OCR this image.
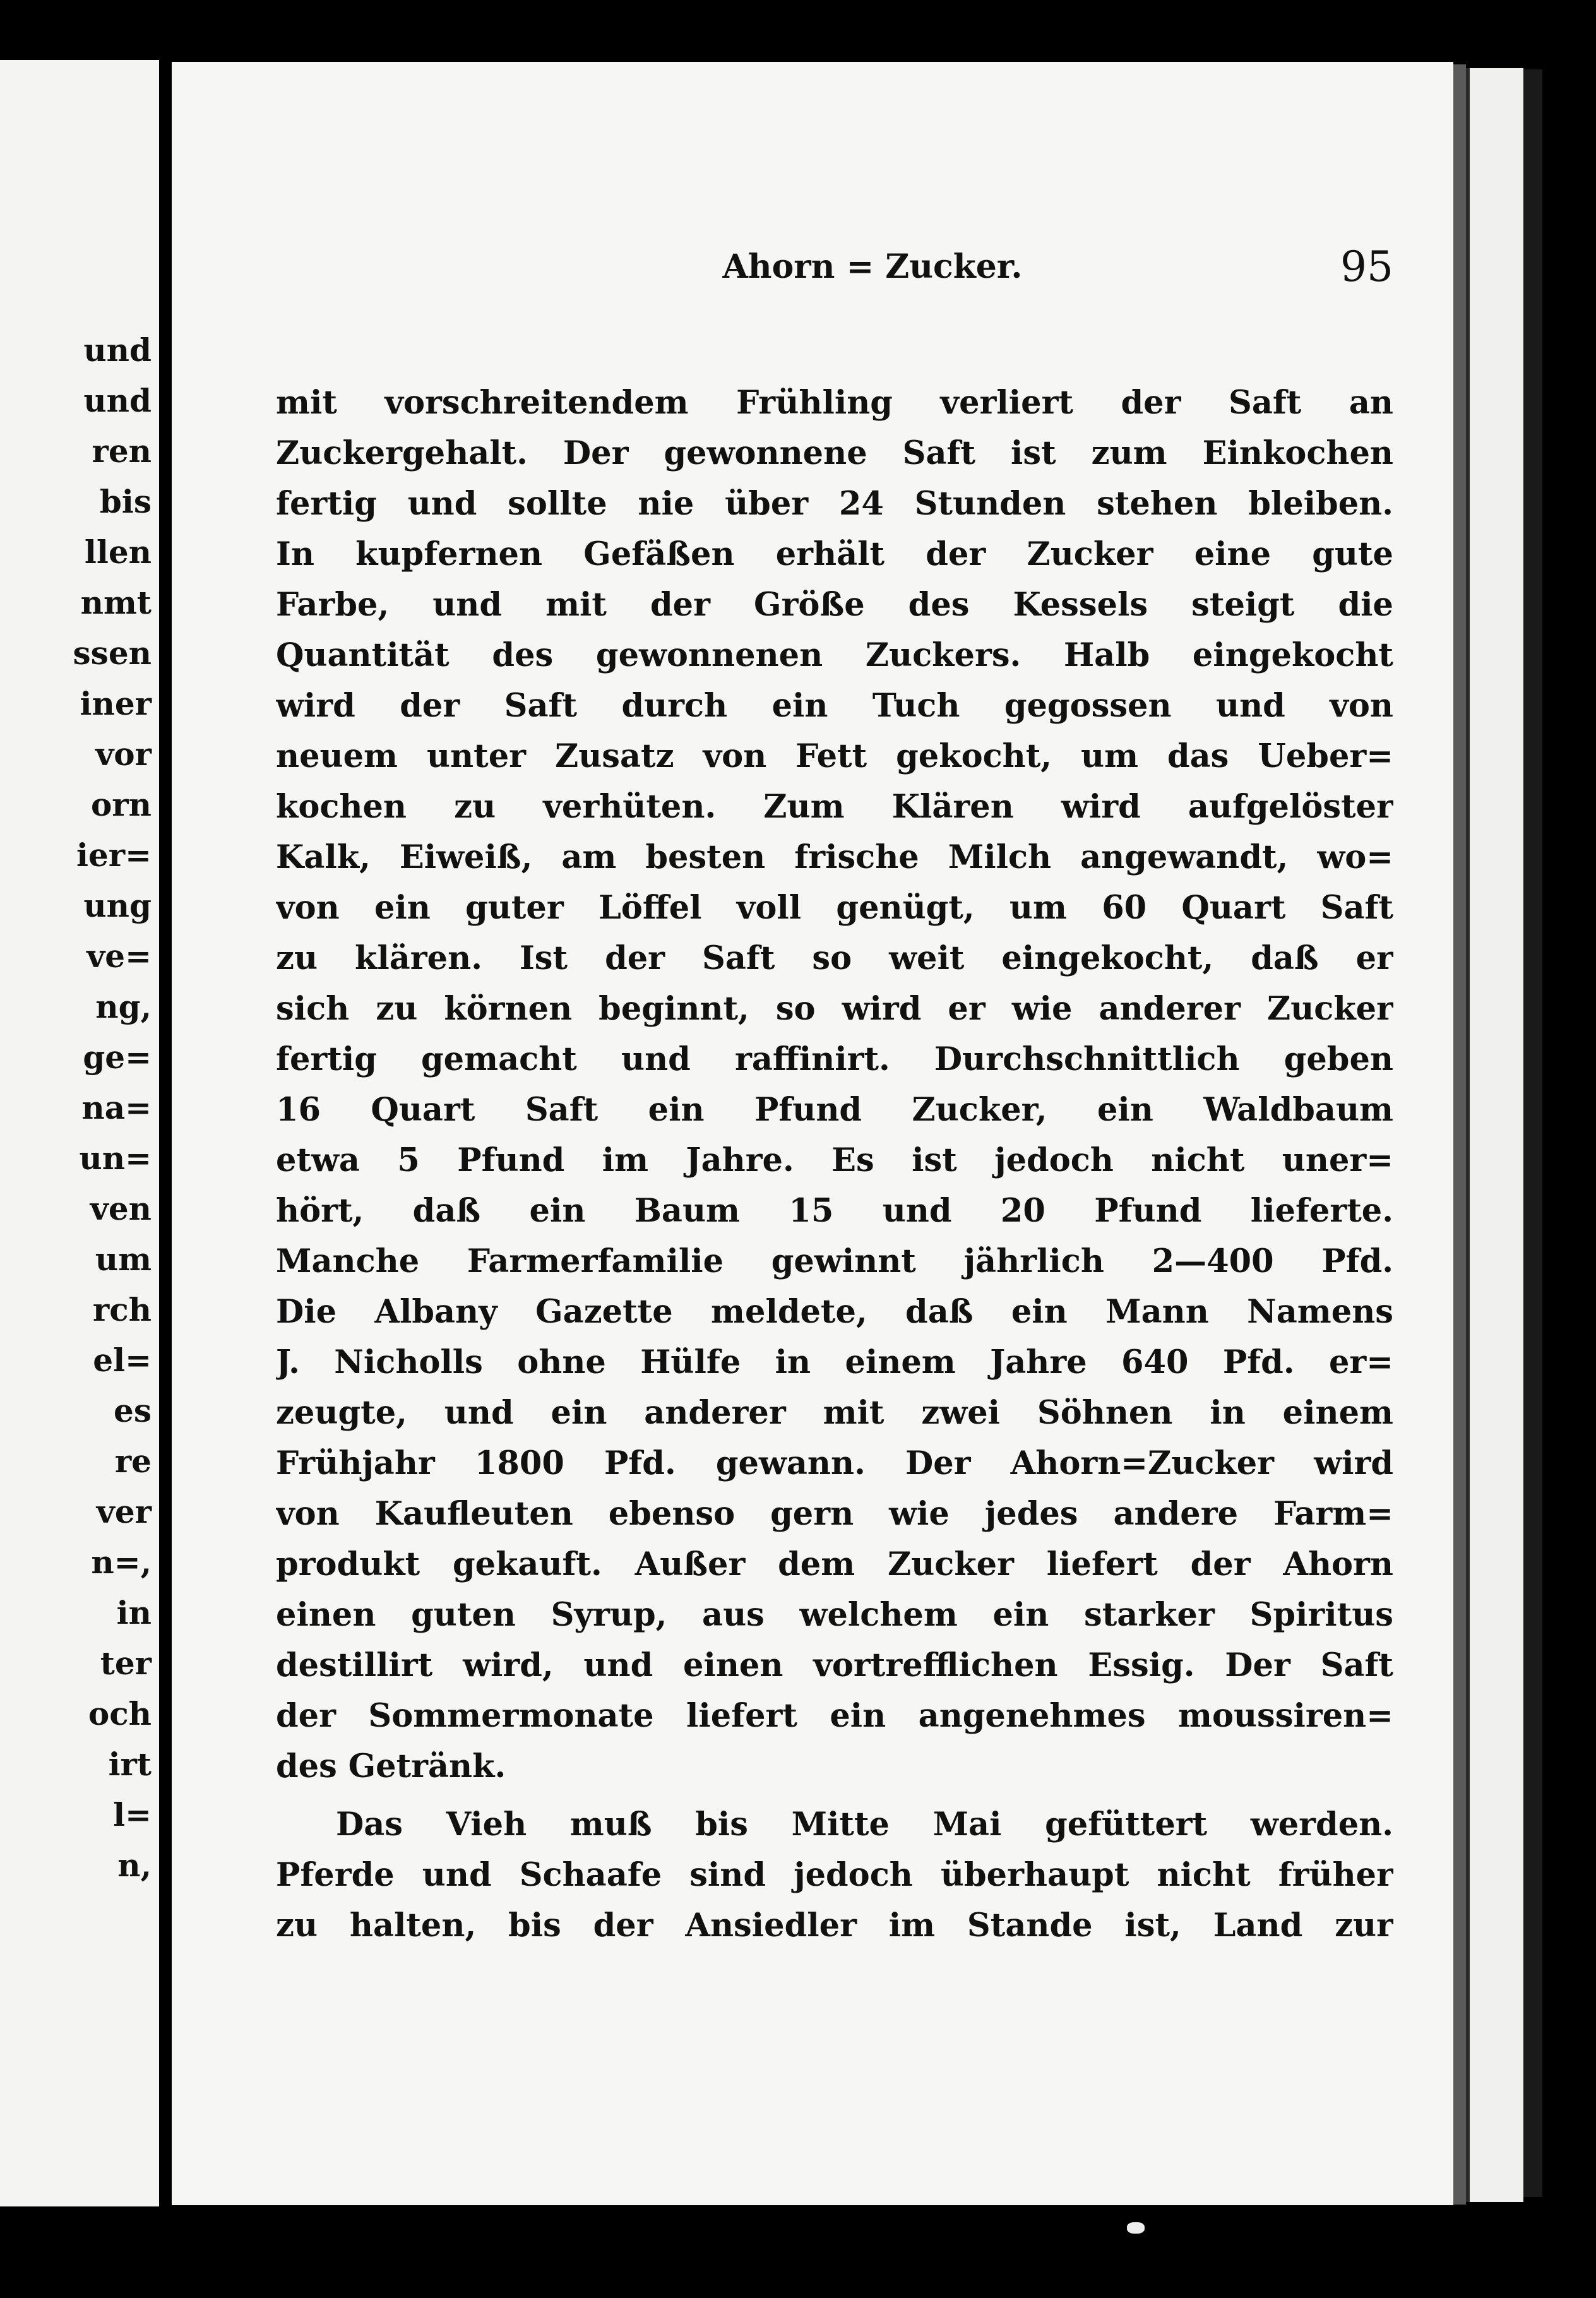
und
und
ren
bis
llen
nmt
ssen
iner
vor
orn
ier=
ung
ve=
ng,
ge=
na=
un=
ven
um
rch
el=
es
re
ver
n=,
in
ter
och
irt
l=
n,
Ahorn = Zucker.	95
mit vorschreitendem Frühling verliert der Saft an
Zuckergehalt. Der gewonnene Saft ist zum Einkochen
fertig und sollte nie über 24 Stunden stehen bleiben.
In kupfernen Gefäßen erhält der Zucker eine gute
Farbe, und mit der Größe des Kessels steigt die
Quantität des gewonnenen Zuckers. Halb eingekocht
wird der Saft durch ein Tuch gegossen und von
neuem unter Zusatz von Fett gekocht, um das Ueber=
kochen zu verhüten. Zum Klären wird aufgelöster
Kalk, Eiweiß, am besten frische Milch angewandt, wo=
von ein guter Löffel voll genügt, um 60 Quart Saft
zu klären. Ist der Saft so weit eingekocht, daß er
sich zu körnen beginnt, so wird er wie anderer Zucker
fertig gemacht und raffinirt. Durchschnittlich geben
16 Quart Saft ein Pfund Zucker, ein Waldbaum
etwa 5 Pfund im Jahre. Es ist jedoch nicht uner=
hört, daß ein Baum 15 und 20 Pfund lieferte.
Manche Farmerfamilie gewinnt jährlich 2—400 Pfd.
Die Albany Gazette meldete, daß ein Mann Namens
J. Nicholls ohne Hülfe in einem Jahre 640 Pfd. er=
zeugte, und ein anderer mit zwei Söhnen in einem
Frühjahr 1800 Pfd. gewann. Der Ahorn=Zucker wird
von Kaufleuten ebenso gern wie jedes andere Farm=
produkt gekauft. Außer dem Zucker liefert der Ahorn
einen guten Syrup, aus welchem ein starker Spiritus
destillirt wird, und einen vortrefflichen Essig. Der Saft
der Sommermonate liefert ein angenehmes moussiren=
des Getränk.
Das Vieh muß bis Mitte Mai gefüttert werden.
Pferde und Schaafe sind jedoch überhaupt nicht früher
zu halten, bis der Ansiedler im Stande ist, Land zur
